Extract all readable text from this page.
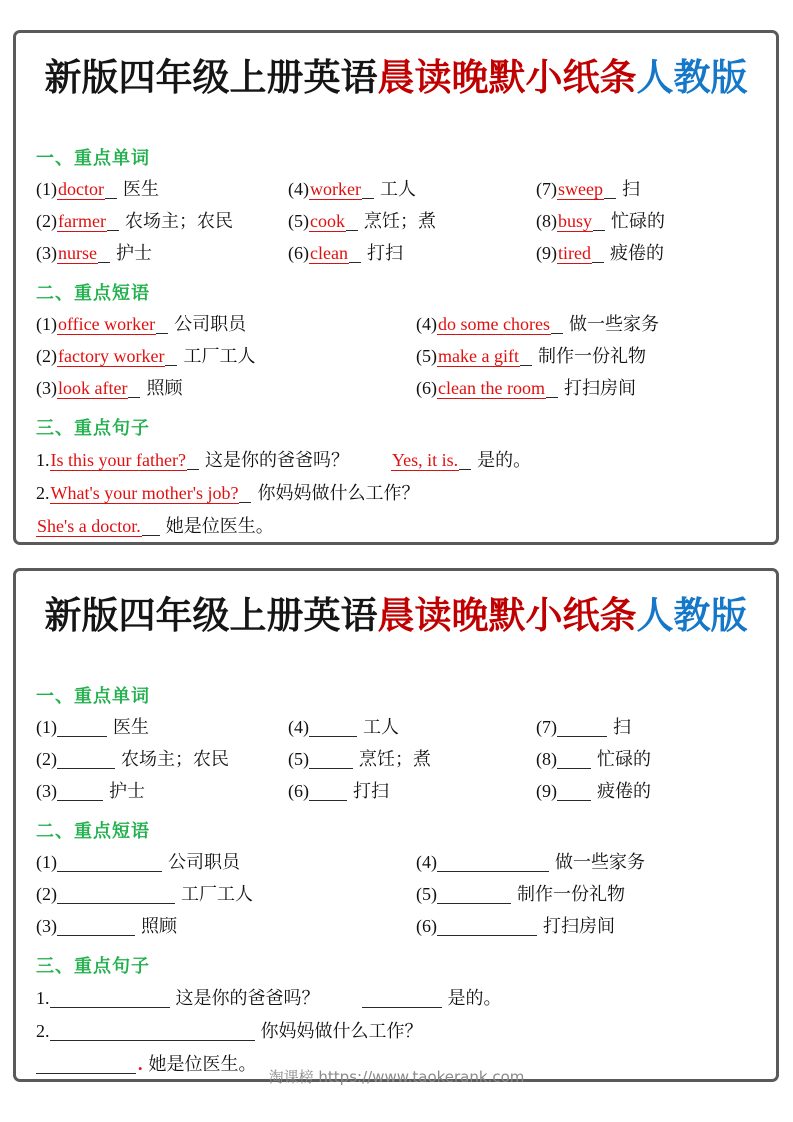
新版四年级上册英语晨读晚默小纸条人教版
一、重点单词
(1)doctor 医生
(2)farmer 农场主；农民
(3)nurse 护士
(4)worker 工人
(5)cook 烹饪；煮
(6)clean 打扫
(7)sweep 扫
(8)busy 忙碌的
(9)tired 疲倦的
二、重点短语
(1)office worker 公司职员
(2)factory worker 工厂工人
(3)look after 照顾
(4)do some chores 做一些家务
(5)make a gift 制作一份礼物
(6)clean the room 打扫房间
三、重点句子
1.Is this your father? 这是你的爸爸吗？ Yes, it is. 是的。
2.What's your mother's job? 你妈妈做什么工作？
She's a doctor. 她是位医生。
新版四年级上册英语晨读晚默小纸条人教版
一、重点单词
(1)	医生
(2)	农场主；农民
(3)	护士
(4)	工人
(5)	烹饪；煮
(6) 打扫
(7)	扫
(8) 忙碌的
(9) 疲倦的
二、重点短语
(1)	公司职员
(2)	工厂工人
(3)	照顾
(4)	做一些家务
(5)	制作一份礼物
(6)	打扫房间
三、重点句子
1.	这是你的爸爸吗？	是的。
2.	你妈妈做什么工作？
. 她是位医生。
淘课榜 https://www.taokerank.com
